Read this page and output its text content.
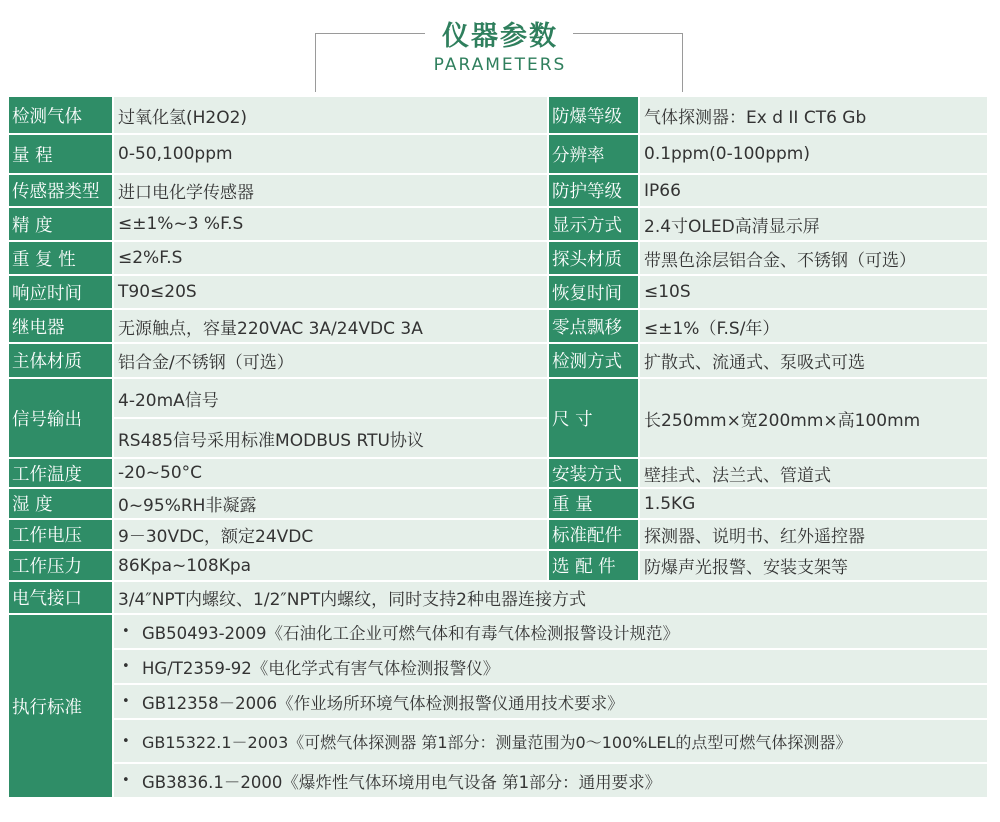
仪器参数
PARAMETERS
检测气体
量 程
传感器类型
精 度
重 复 性
响应时间
继电器
主体材质
信号输出
工作温度
湿 度
工作电压
工作压力
电气接口
执行标准
过氧化氢(H2O2)
0-50,100ppm
进口电化学传感器
≤±1%~3 %F.S
≤2%F.S
T90≤20S
无源触点，容量220VAC 3A/24VDC 3A
铝合金/不锈钢（可选）
4-20mA信号
RS485信号采用标准MODBUS RTU协议
-20~50°C
0~95%RH非凝露
9－30VDC，额定24VDC
86Kpa~108Kpa
防爆等级
分辨率
防护等级
显示方式
探头材质
恢复时间
零点飘移
检测方式
尺 寸
安装方式
重 量
标准配件
选 配 件
气体探测器：Ex d II CT6 Gb
0.1ppm(0-100ppm)
IP66
2.4寸OLED高清显示屏
带黑色涂层铝合金、不锈钢（可选）
≤10S
≤±1%（F.S/年）
扩散式、流通式、泵吸式可选
长250mm×宽200mm×高100mm
壁挂式、法兰式、管道式
1.5KG
探测器、说明书、红外遥控器
防爆声光报警、安装支架等
3/4″NPT内螺纹、1/2″NPT内螺纹，同时支持2种电器连接方式
• GB50493-2009《石油化工企业可燃气体和有毒气体检测报警设计规范》
• HG/T2359-92《电化学式有害气体检测报警仪》
• GB12358－2006《作业场所环境气体检测报警仪通用技术要求》
• GB15322.1－2003《可燃气体探测器 第1部分：测量范围为0～100%LEL的点型可燃气体探测器》
• GB3836.1－2000《爆炸性气体环境用电气设备 第1部分：通用要求》
